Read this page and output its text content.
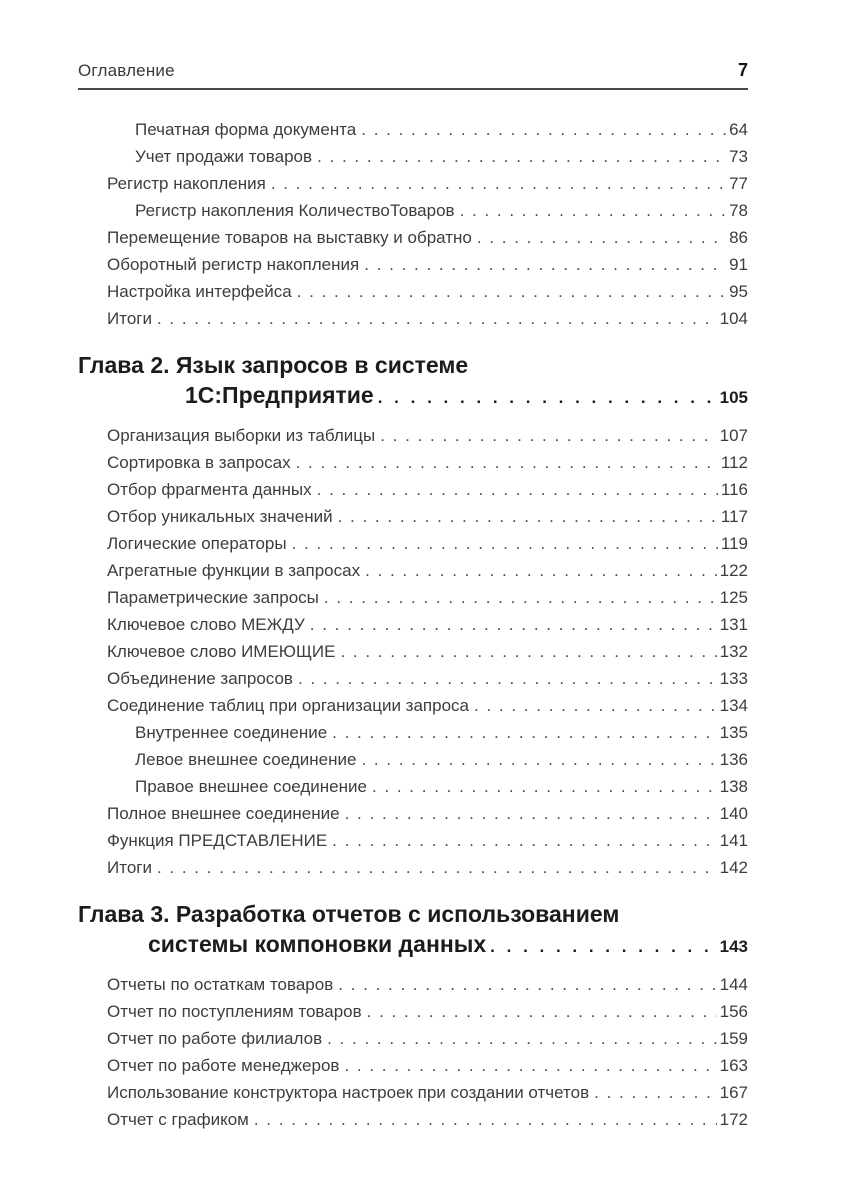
Оглавление	7
Печатная форма документа . . .	64
Учет продажи товаров . . .	73
Регистр накопления . . .	77
Регистр накопления КоличествоТоваров . . .	78
Перемещение товаров на выставку и обратно . . .	86
Оборотный регистр накопления . . .	91
Настройка интерфейса . . .	95
Итоги . . .	104
Глава 2. Язык запросов в системе
1С:Предприятие . . .	105
Организация выборки из таблицы . . .	107
Сортировка в запросах . . .	112
Отбор фрагмента данных . . .	116
Отбор уникальных значений . . .	117
Логические операторы . . .	119
Агрегатные функции в запросах . . .	122
Параметрические запросы . . .	125
Ключевое слово МЕЖДУ . . .	131
Ключевое слово ИМЕЮЩИЕ . . .	132
Объединение запросов . . .	133
Соединение таблиц при организации запроса . . .	134
Внутреннее соединение . . .	135
Левое внешнее соединение . . .	136
Правое внешнее соединение . . .	138
Полное внешнее соединение . . .	140
Функция ПРЕДСТАВЛЕНИЕ . . .	141
Итоги . . .	142
Глава 3. Разработка отчетов с использованием
системы компоновки данных . . .	143
Отчеты по остаткам товаров . . .	144
Отчет по поступлениям товаров . . .	156
Отчет по работе филиалов . . .	159
Отчет по работе менеджеров . . .	163
Использование конструктора настроек при создании отчетов . . .	167
Отчет с графиком . . .	172
